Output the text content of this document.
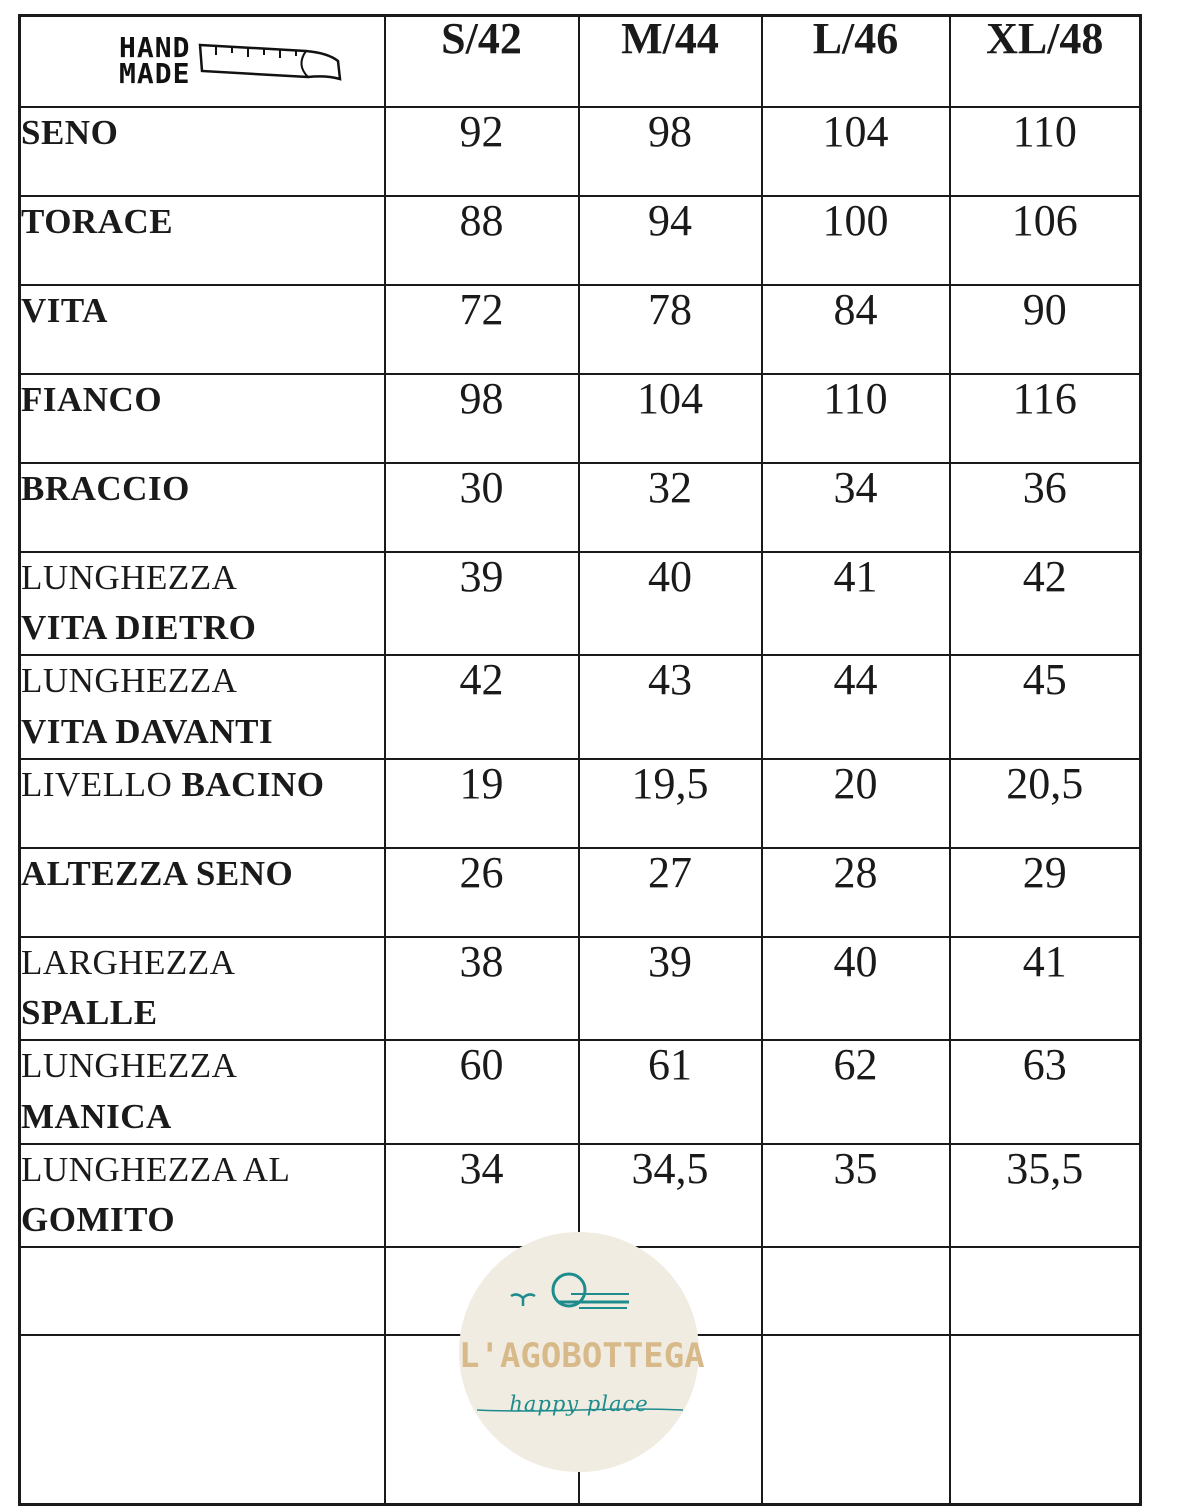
HAND
MADE	S/42	M/44	L/46	XL/48
SENO	92	98	104	110
TORACE	88	94	100	106
VITA	72	78	84	90
FIANCO	98	104	110	116
BRACCIO	30	32	34	36
LUNGHEZZA
VITA DIETRO	39	40	41	42
LUNGHEZZA
VITA DAVANTI	42	43	44	45
LIVELLO BACINO	19	19,5	20	20,5
ALTEZZA SENO	26	27	28	29
LARGHEZZA
SPALLE	38	39	40	41
LUNGHEZZA
MANICA	60	61	62	63
LUNGHEZZA AL
GOMITO	34	34,5	35	35,5

L'AGOBOTTEGA
happy place
